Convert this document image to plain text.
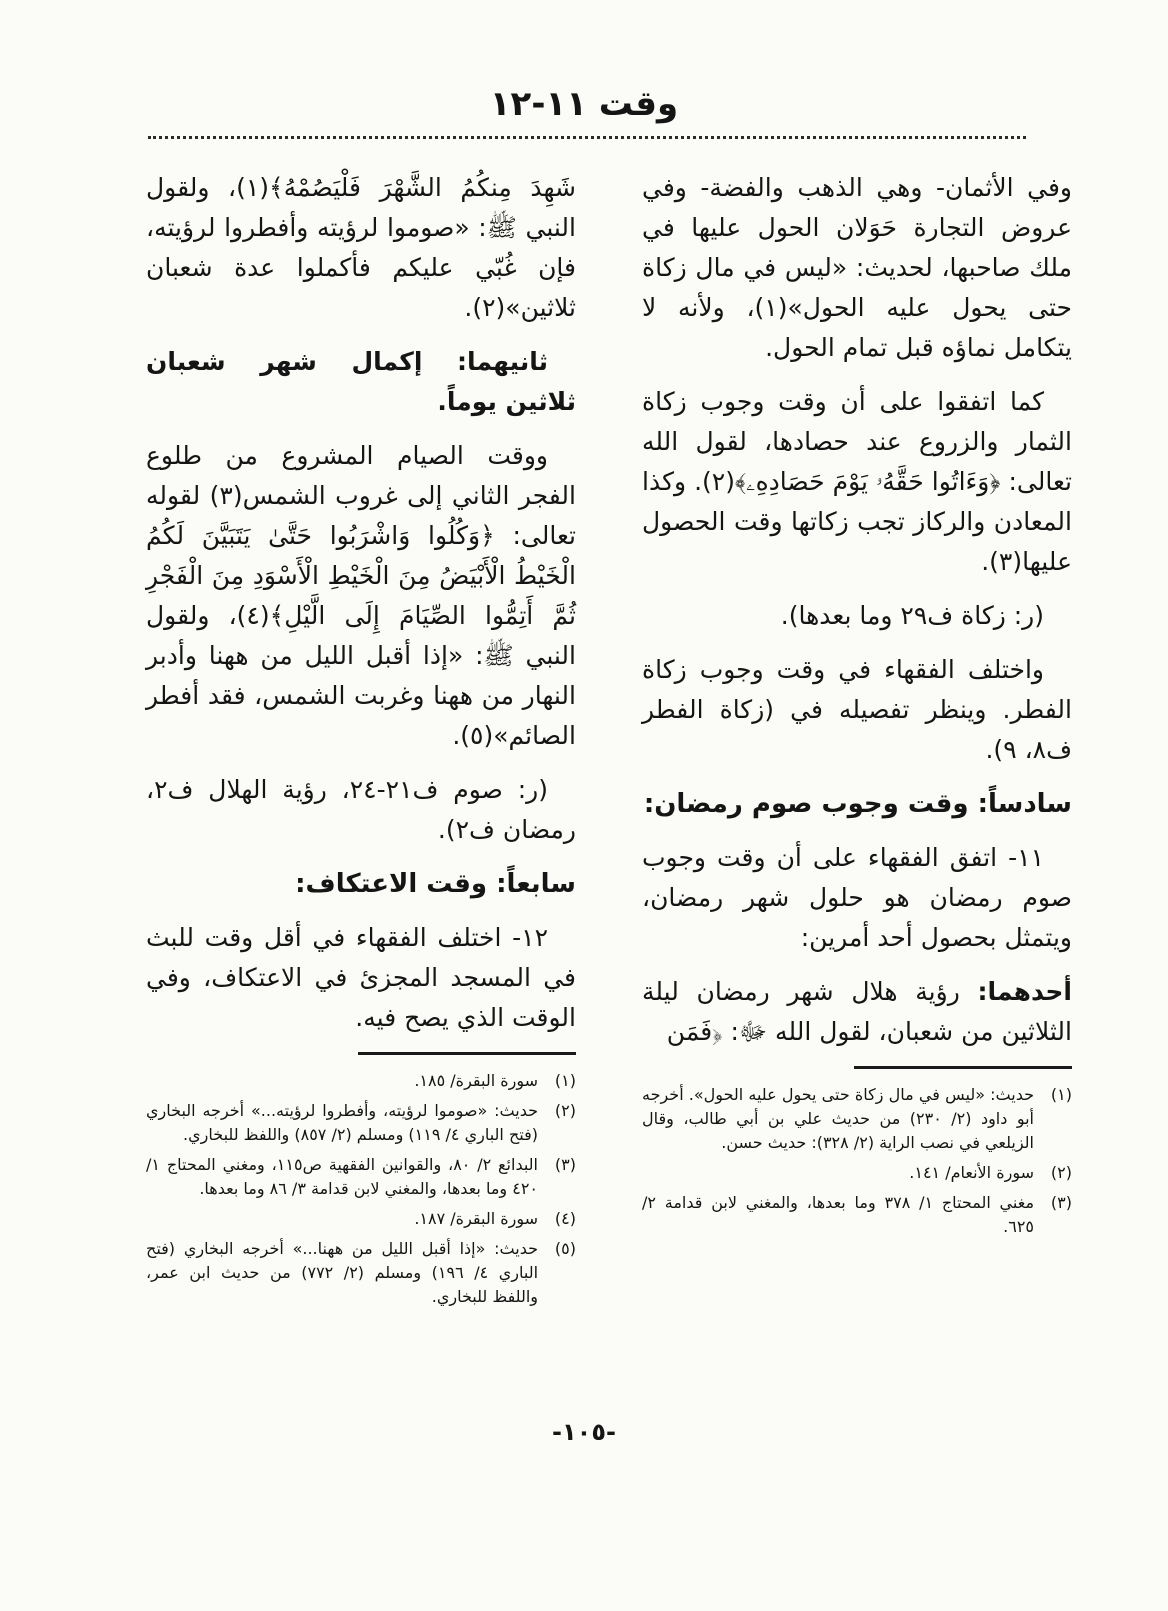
وقت ١١-١٢

وفي الأثمان- وهي الذهب والفضة- وفي عروض التجارة حَوَلان الحول عليها في ملك صاحبها، لحديث: «ليس في مال زكاة حتى يحول عليه الحول»(١)، ولأنه لا يتكامل نماؤه قبل تمام الحول.

كما اتفقوا على أن وقت وجوب زكاة الثمار والزروع عند حصادها، لقول الله تعالى: ﴿وَءَاتُوا حَقَّهُۥ يَوْمَ حَصَادِهِۦ﴾(٢). وكذا المعادن والركاز تجب زكاتها وقت الحصول عليها(٣).

(ر: زكاة ف٢٩ وما بعدها).

واختلف الفقهاء في وقت وجوب زكاة الفطر. وينظر تفصيله في (زكاة الفطر ف٨، ٩).

سادساً: وقت وجوب صوم رمضان:

١١- اتفق الفقهاء على أن وقت وجوب صوم رمضان هو حلول شهر رمضان، ويتمثل بحصول أحد أمرين:

أحدهما: رؤية هلال شهر رمضان ليلة الثلاثين من شعبان، لقول الله ﷻ: ﴿فَمَن

(١)
حديث: «ليس في مال زكاة حتى يحول عليه الحول». أخرجه أبو داود (٢/ ٢٣٠) من حديث علي بن أبي طالب، وقال الزيلعي في نصب الراية (٢/ ٣٢٨): حديث حسن.
(٢)
سورة الأنعام/ ١٤١.
(٣)
مغني المحتاج ١/ ٣٧٨ وما بعدها، والمغني لابن قدامة ٢/ ٦٢٥.

شَهِدَ مِنكُمُ الشَّهْرَ فَلْيَصُمْهُ﴾(١)، ولقول النبي ﷺ: «صوموا لرؤيته وأفطروا لرؤيته، فإن غُبّي عليكم فأكملوا عدة شعبان ثلاثين»(٢).

ثانيهما: إكمال شهر شعبان ثلاثين يوماً.

ووقت الصيام المشروع من طلوع الفجر الثاني إلى غروب الشمس(٣) لقوله تعالى: ﴿وَكُلُوا وَاشْرَبُوا حَتَّىٰ يَتَبَيَّنَ لَكُمُ الْخَيْطُ الْأَبْيَضُ مِنَ الْخَيْطِ الْأَسْوَدِ مِنَ الْفَجْرِ ثُمَّ أَتِمُّوا الصِّيَامَ إِلَى الَّيْلِ﴾(٤)، ولقول النبي ﷺ: «إذا أقبل الليل من ههنا وأدبر النهار من ههنا وغربت الشمس، فقد أفطر الصائم»(٥).

(ر: صوم ف٢١-٢٤، رؤية الهلال ف٢، رمضان ف٢).

سابعاً: وقت الاعتكاف:

١٢- اختلف الفقهاء في أقل وقت للبث في المسجد المجزئ في الاعتكاف، وفي الوقت الذي يصح فيه.

(١)
سورة البقرة/ ١٨٥.
(٢)
حديث: «صوموا لرؤيته، وأفطروا لرؤيته...» أخرجه البخاري (فتح الباري ٤/ ١١٩) ومسلم (٢/ ٨٥٧) واللفظ للبخاري.
(٣)
البدائع ٢/ ٨٠، والقوانين الفقهية ص١١٥، ومغني المحتاج ١/ ٤٢٠ وما بعدها، والمغني لابن قدامة ٣/ ٨٦ وما بعدها.
(٤)
سورة البقرة/ ١٨٧.
(٥)
حديث: «إذا أقبل الليل من ههنا...» أخرجه البخاري (فتح الباري ٤/ ١٩٦) ومسلم (٢/ ٧٧٢) من حديث ابن عمر، واللفظ للبخاري.
-١٠٥-
